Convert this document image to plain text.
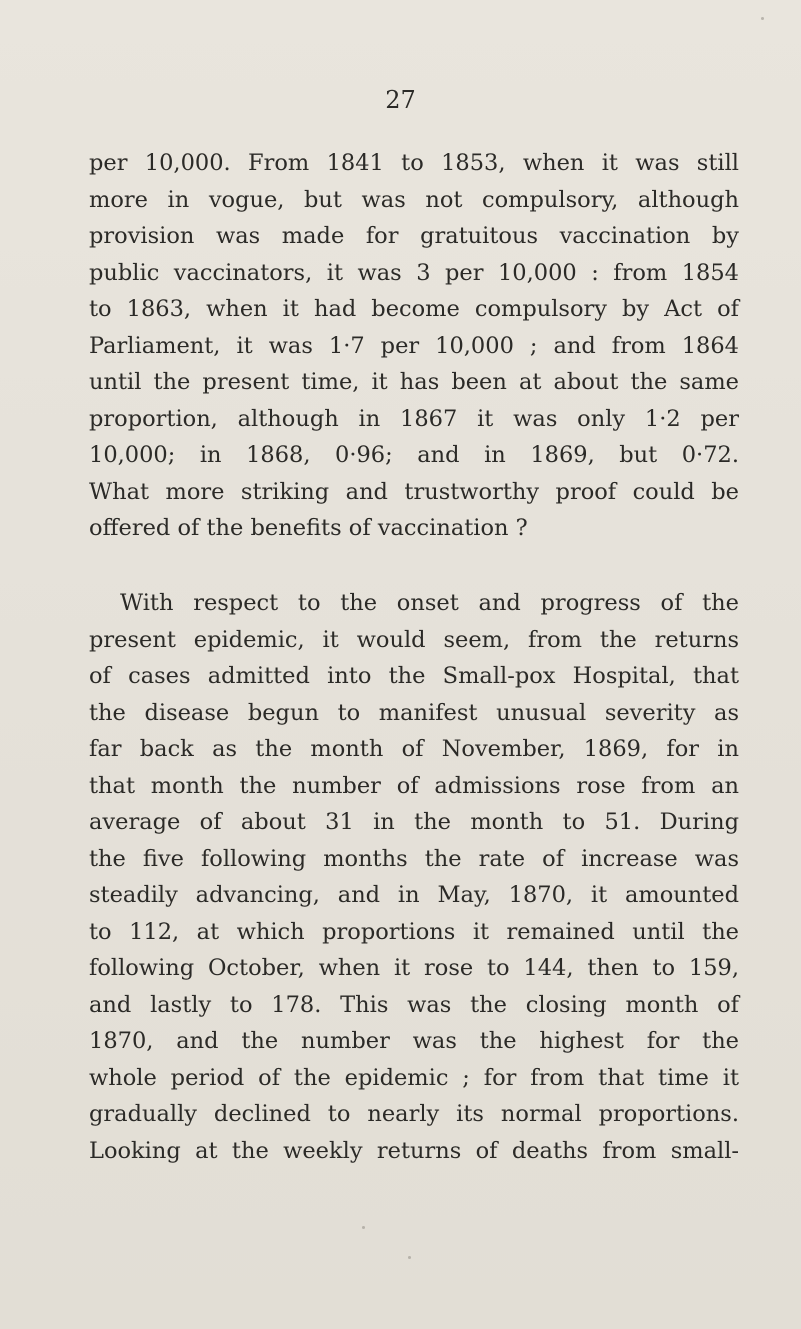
27
per 10,000. From 1841 to 1853, when it was still
more in vogue, but was not compulsory, although
provision was made for gratuitous vaccination by
public vaccinators, it was 3 per 10,000 : from 1854
to 1863, when it had become compulsory by Act of
Parliament, it was 1·7 per 10,000 ; and from 1864
until the present time, it has been at about the same
proportion, although in 1867 it was only 1·2 per
10,000; in 1868, 0·96; and in 1869, but 0·72.
What more striking and trustworthy proof could be
offered of the benefits of vaccination ?
With respect to the onset and progress of the
present epidemic, it would seem, from the returns
of cases admitted into the Small-pox Hospital, that
the disease begun to manifest unusual severity as
far back as the month of November, 1869, for in
that month the number of admissions rose from an
average of about 31 in the month to 51. During
the five following months the rate of increase was
steadily advancing, and in May, 1870, it amounted
to 112, at which proportions it remained until the
following October, when it rose to 144, then to 159,
and lastly to 178. This was the closing month of
1870, and the number was the highest for the
whole period of the epidemic ; for from that time it
gradually declined to nearly its normal proportions.
Looking at the weekly returns of deaths from small-
